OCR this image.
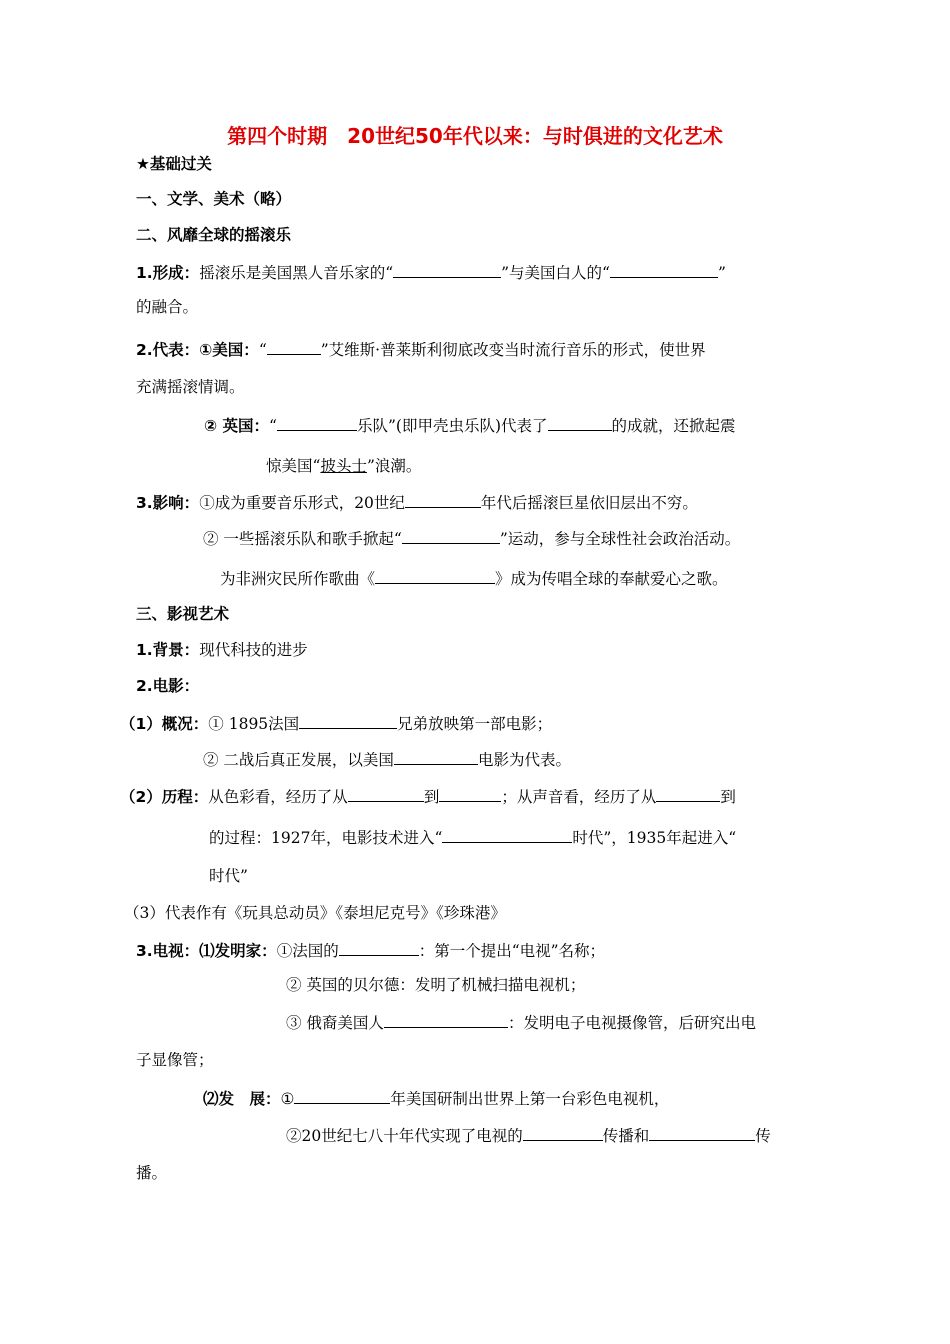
第四个时期　20世纪50年代以来：与时俱进的文化艺术
★基础过关
一、文学、美术（略）
二、风靡全球的摇滚乐
1.形成：摇滚乐是美国黑人音乐家的“	”与美国白人的“	”
的融合。
2.代表：①美国：“	”艾维斯·普莱斯利彻底改变当时流行音乐的形式，使世界
充满摇滚情调。
② 英国：“	乐队”(即甲壳虫乐队)代表了	的成就，还掀起震
惊美国“披头士”浪潮。
3.影响：①成为重要音乐形式，20世纪	年代后摇滚巨星依旧层出不穷。
② 一些摇滚乐队和歌手掀起“	”运动，参与全球性社会政治活动。
为非洲灾民所作歌曲《	》成为传唱全球的奉献爱心之歌。
三、影视艺术
1.背景：现代科技的进步
2.电影：
（1）概况：① 1895法国	兄弟放映第一部电影；
② 二战后真正发展，以美国	电影为代表。
（2）历程：从色彩看，经历了从	到	；从声音看，经历了从	到
的过程：1927年，电影技术进入“	时代”，1935年起进入“
时代”
（3）代表作有《玩具总动员》《泰坦尼克号》《珍珠港》
3.电视：⑴发明家：①法国的	：第一个提出“电视”名称；
② 英国的贝尔德：发明了机械扫描电视机；
③ 俄裔美国人	：发明电子电视摄像管，后研究出电
子显像管；
⑵发　展：①	年美国研制出世界上第一台彩色电视机，
②20世纪七八十年代实现了电视的	传播和	传
播。
